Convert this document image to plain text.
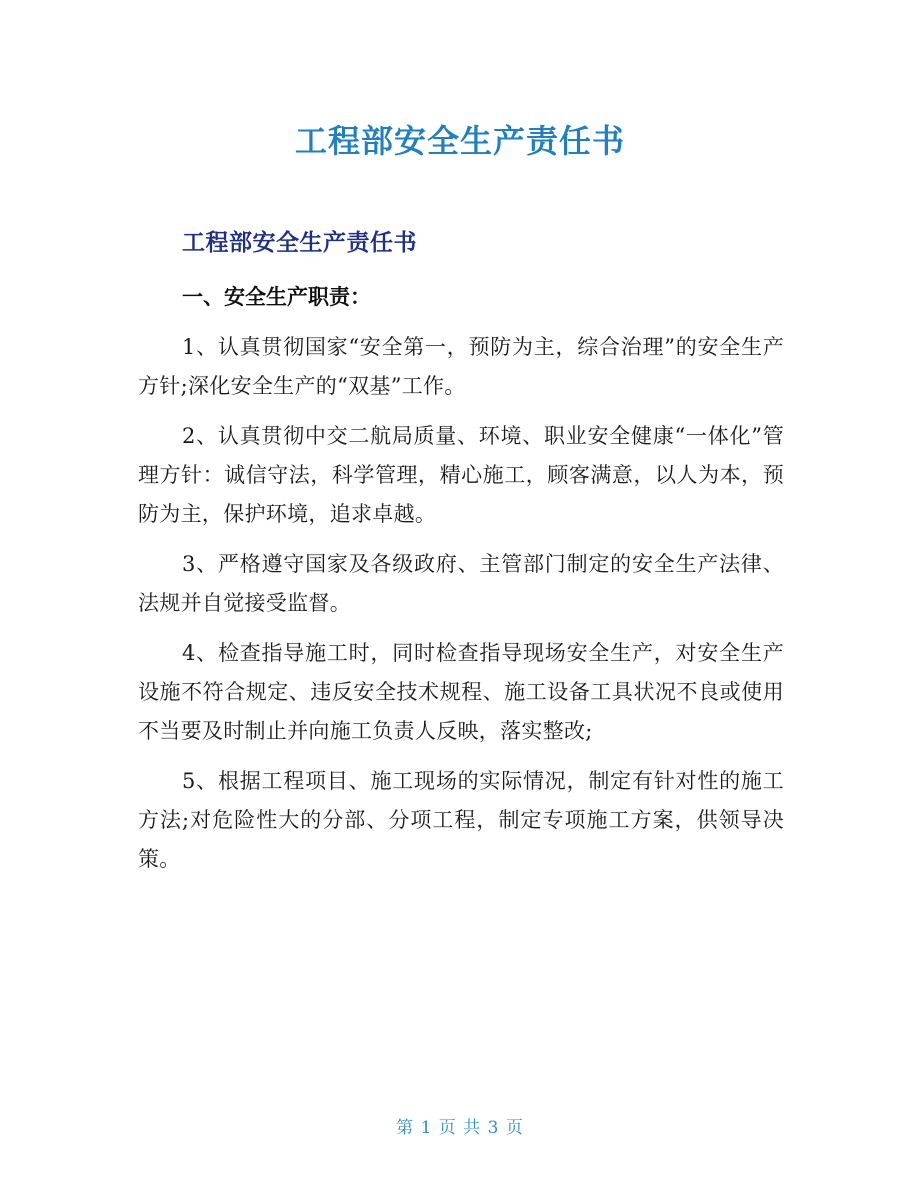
工程部安全生产责任书
工程部安全生产责任书

一、安全生产职责：

1、认真贯彻国家“安全第一，预防为主，综合治理”的安全生产方针;深化安全生产的“双基”工作。

2、认真贯彻中交二航局质量、环境、职业安全健康“一体化”管理方针：诚信守法，科学管理，精心施工，顾客满意，以人为本，预防为主，保护环境，追求卓越。

3、严格遵守国家及各级政府、主管部门制定的安全生产法律、法规并自觉接受监督。

4、检查指导施工时，同时检查指导现场安全生产，对安全生产设施不符合规定、违反安全技术规程、施工设备工具状况不良或使用不当要及时制止并向施工负责人反映，落实整改;

5、根据工程项目、施工现场的实际情况，制定有针对性的施工方法;对危险性大的分部、分项工程，制定专项施工方案，供领导决策。

第 1 页 共 3 页
